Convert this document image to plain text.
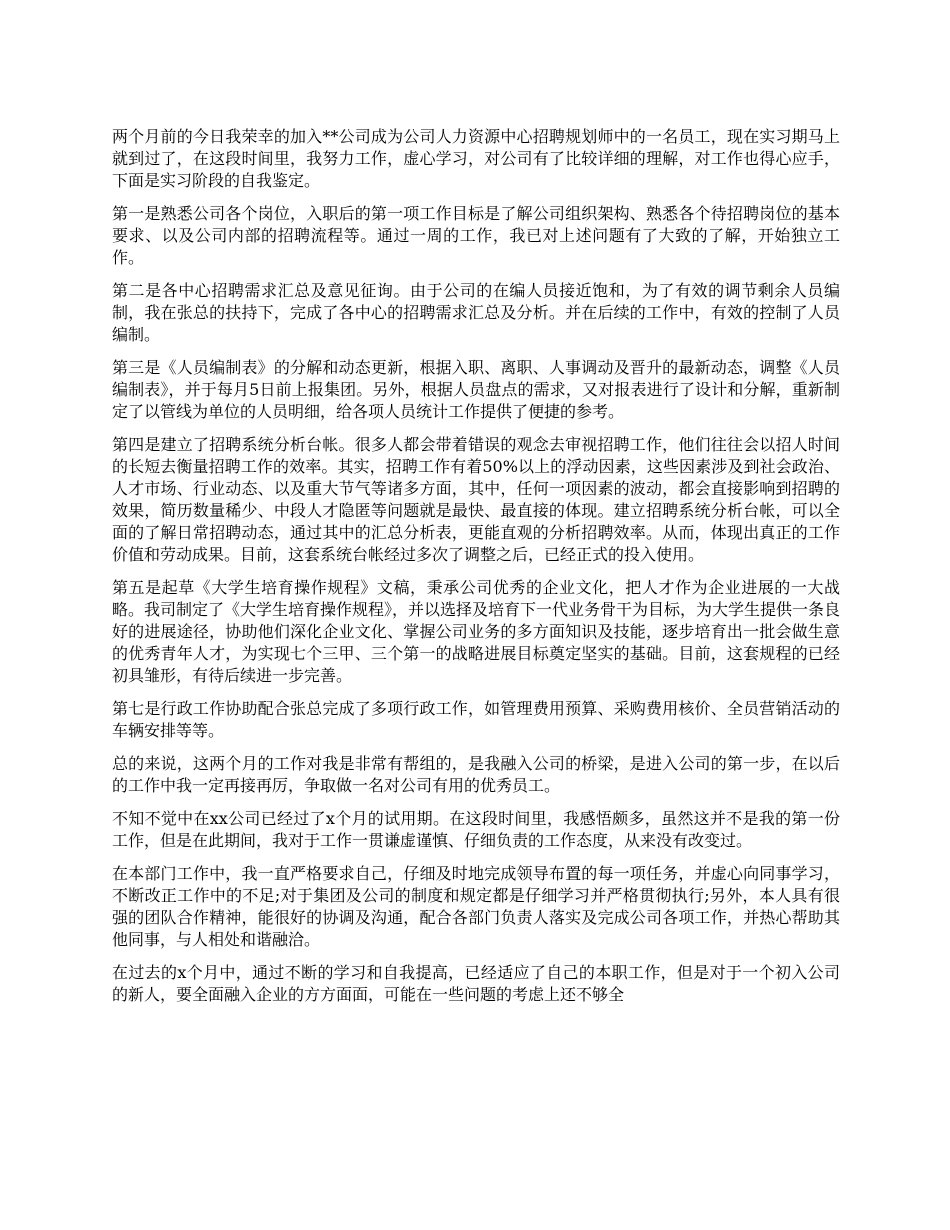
两个月前的今日我荣幸的加入**公司成为公司人力资源中心招聘规划师中的一名员工，现在实习期马上就到过了，在这段时间里，我努力工作，虚心学习，对公司有了比较详细的理解，对工作也得心应手，下面是实习阶段的自我鉴定。

第一是熟悉公司各个岗位，入职后的第一项工作目标是了解公司组织架构、熟悉各个待招聘岗位的基本要求、以及公司内部的招聘流程等。通过一周的工作，我已对上述问题有了大致的了解，开始独立工作。

第二是各中心招聘需求汇总及意见征询。由于公司的在编人员接近饱和，为了有效的调节剩余人员编制，我在张总的扶持下，完成了各中心的招聘需求汇总及分析。并在后续的工作中，有效的控制了人员编制。

第三是《人员编制表》的分解和动态更新，根据入职、离职、人事调动及晋升的最新动态，调整《人员编制表》，并于每月5日前上报集团。另外，根据人员盘点的需求，又对报表进行了设计和分解，重新制定了以管线为单位的人员明细，给各项人员统计工作提供了便捷的参考。

第四是建立了招聘系统分析台帐。很多人都会带着错误的观念去审视招聘工作，他们往往会以招人时间的长短去衡量招聘工作的效率。其实，招聘工作有着50%以上的浮动因素，这些因素涉及到社会政治、人才市场、行业动态、以及重大节气等诸多方面，其中，任何一项因素的波动，都会直接影响到招聘的效果，简历数量稀少、中段人才隐匿等问题就是最快、最直接的体现。建立招聘系统分析台帐，可以全面的了解日常招聘动态，通过其中的汇总分析表，更能直观的分析招聘效率。从而，体现出真正的工作价值和劳动成果。目前，这套系统台帐经过多次了调整之后，已经正式的投入使用。

第五是起草《大学生培育操作规程》文稿，秉承公司优秀的企业文化，把人才作为企业进展的一大战略。我司制定了《大学生培育操作规程》，并以选择及培育下一代业务骨干为目标，为大学生提供一条良好的进展途径，协助他们深化企业文化、掌握公司业务的多方面知识及技能，逐步培育出一批会做生意的优秀青年人才，为实现七个三甲、三个第一的战略进展目标奠定坚实的基础。目前，这套规程的已经初具雏形，有待后续进一步完善。

第七是行政工作协助配合张总完成了多项行政工作，如管理费用预算、采购费用核价、全员营销活动的车辆安排等等。

总的来说，这两个月的工作对我是非常有帮组的，是我融入公司的桥梁，是进入公司的第一步，在以后的工作中我一定再接再厉，争取做一名对公司有用的优秀员工。

不知不觉中在xx公司已经过了x个月的试用期。在这段时间里，我感悟颇多，虽然这并不是我的第一份工作，但是在此期间，我对于工作一贯谦虚谨慎、仔细负责的工作态度，从来没有改变过。

在本部门工作中，我一直严格要求自己，仔细及时地完成领导布置的每一项任务，并虚心向同事学习，不断改正工作中的不足;对于集团及公司的制度和规定都是仔细学习并严格贯彻执行;另外，本人具有很强的团队合作精神，能很好的协调及沟通，配合各部门负责人落实及完成公司各项工作，并热心帮助其他同事，与人相处和谐融洽。

在过去的x个月中，通过不断的学习和自我提高，已经适应了自己的本职工作，但是对于一个初入公司的新人，要全面融入企业的方方面面，可能在一些问题的考虑上还不够全
